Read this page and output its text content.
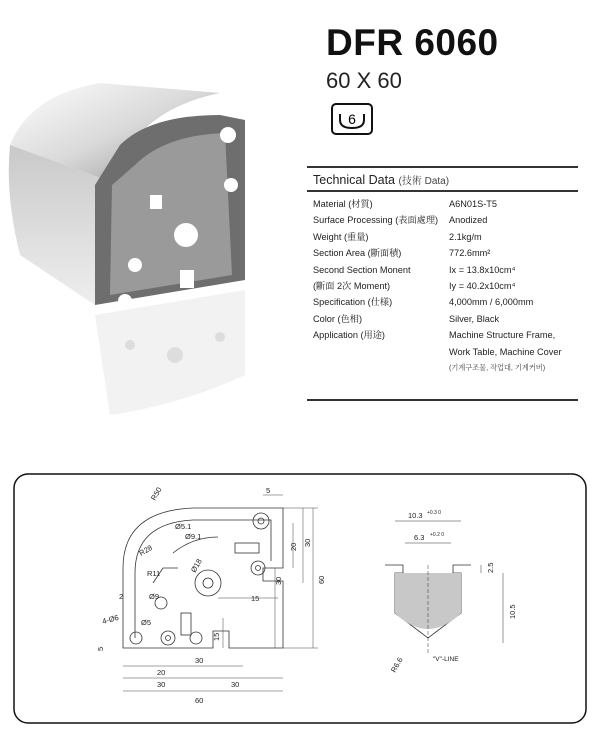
DFR 6060
60 X 60
6
Technical Data (技術 Data)
Material (材質)	A6N01S-T5
Surface Processing (表面處理)	Anodized
Weight (重量)	2.1kg/m
Section Area (斷面積)	772.6mm²
Second Section Monent	Ix = 13.8x10cm⁴
(斷面 2次 Moment)	Iy = 40.2x10cm⁴
Specification (仕様)	4,000mm / 6,000mm
Color (色相)	Silver, Black
Application (用途)	Machine Structure Frame,
Work Table, Machine Cover
(기계구조물, 작업대, 기계커버)
R50
R28
R11
5
Ø5.1
Ø9.1
Ø18
Ø9
Ø5
2
4-Ø6
5
20 30
60
15
30
15
20
30
30	30
60
10.3 +0.3 0
6.3 +0.2 0
2.5
10.5
R6.6	"V"-LINE
